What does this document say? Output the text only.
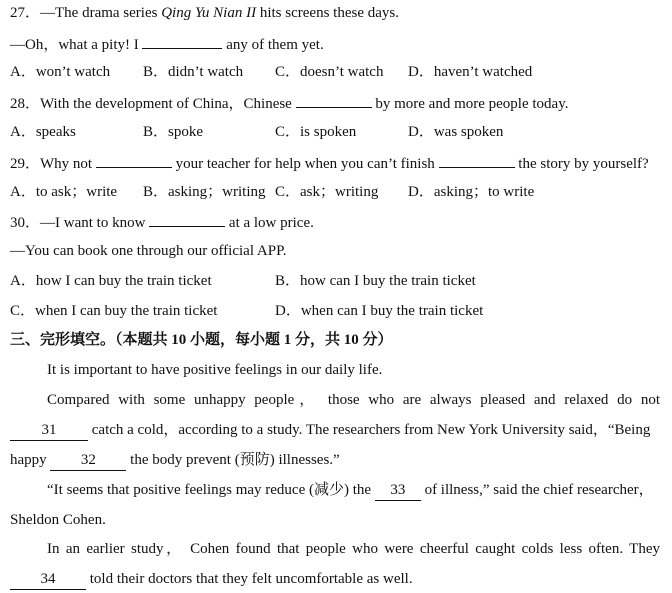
27．—The drama series Qing Yu Nian II hits screens these days.
—Oh，what a pity! I	any of them yet.
A．won’t watch B．didn’t watch C．doesn’t watch D．haven’t watched
28．With the development of China，Chinese	by more and more people today.
A．speaks	B．spoke	C．is spoken	D．was spoken
29．Why not	your teacher for help when you can’t finish	the story by yourself?
A．to ask；write B．asking；writing C．ask；writing D．asking；to write
30．—I want to know	at a low price.
—You can book one through our official APP.
A．how I can buy the train ticket	B．how can I buy the train ticket
C．when I can buy the train ticket	D．when can I buy the train ticket
三、完形填空。（本题共 10 小题，每小题 1 分，共 10 分）
It is important to have positive feelings in our daily life.
Compared with some unhappy people， those who are always pleased and relaxed do not
31 catch a cold，according to a study. The researchers from New York University said，“Being
happy 32 the body prevent (预防) illnesses.”
“It seems that positive feelings may reduce (减少) the 33 of illness,” said the chief researcher，
Sheldon Cohen.
In an earlier study， Cohen found that people who were cheerful caught colds less often. They
34 told their doctors that they felt uncomfortable as well.
